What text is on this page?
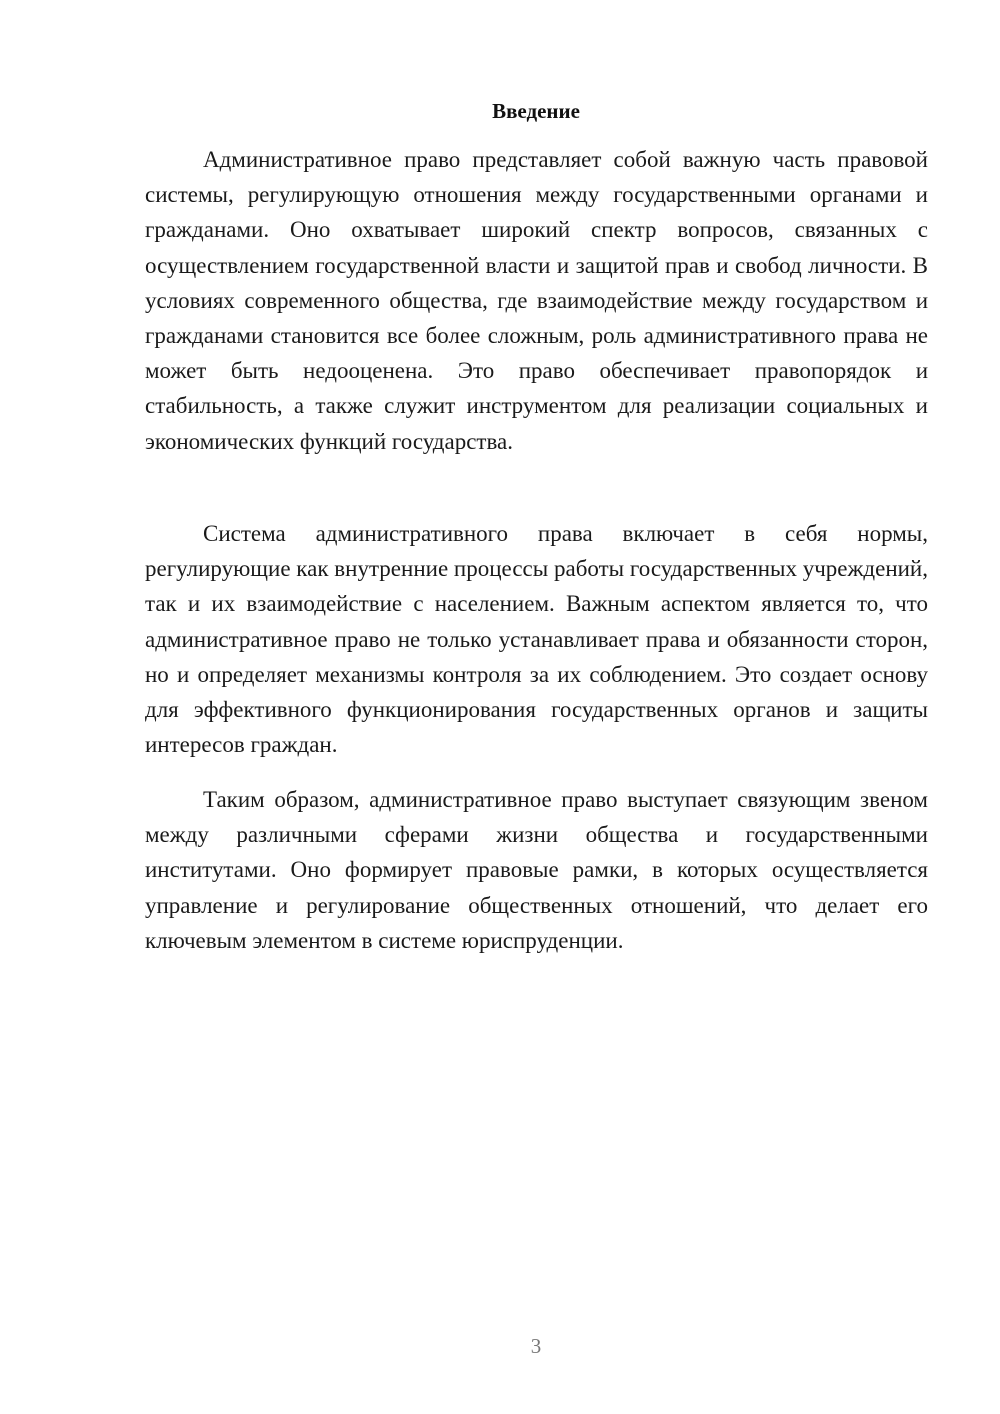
Введение

Административное право представляет собой важную часть правовой системы, регулирующую отношения между государственными органами и гражданами. Оно охватывает широкий спектр вопросов, связанных с осуществлением государственной власти и защитой прав и свобод личности. В условиях современного общества, где взаимодействие между государством и гражданами становится все более сложным, роль административного права не может быть недооценена. Это право обеспечивает правопорядок и стабильность, а также служит инструментом для реализации социальных и экономических функций государства.

Система административного права включает в себя нормы, регулирующие как внутренние процессы работы государственных учреждений, так и их взаимодействие с населением. Важным аспектом является то, что административное право не только устанавливает права и обязанности сторон, но и определяет механизмы контроля за их соблюдением. Это создает основу для эффективного функционирования государственных органов и защиты интересов граждан.

Таким образом, административное право выступает связующим звеном между различными сферами жизни общества и государственными институтами. Оно формирует правовые рамки, в которых осуществляется управление и регулирование общественных отношений, что делает его ключевым элементом в системе юриспруденции.

3
